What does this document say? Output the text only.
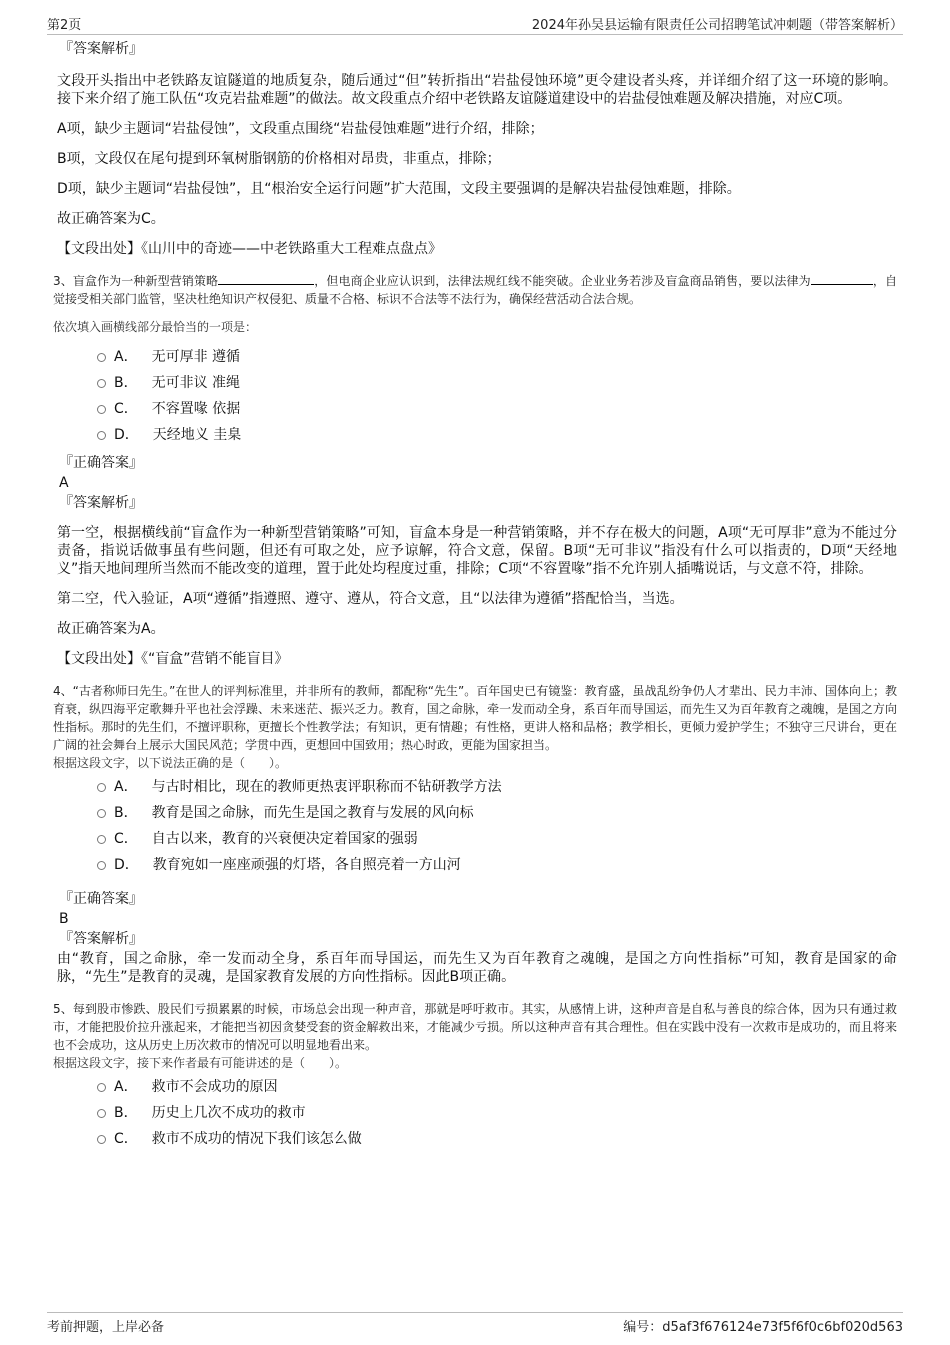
第2页	2024年孙吴县运输有限责任公司招聘笔试冲刺题（带答案解析）
『答案解析』

文段开头指出中老铁路友谊隧道的地质复杂，随后通过“但”转折指出“岩盐侵蚀环境”更令建设者头疼，并详细介绍了这一环境的影响。接下来介绍了施工队伍“攻克岩盐难题”的做法。故文段重点介绍中老铁路友谊隧道建设中的岩盐侵蚀难题及解决措施，对应C项。

A项，缺少主题词“岩盐侵蚀”，文段重点围绕“岩盐侵蚀难题”进行介绍，排除；

B项，文段仅在尾句提到环氧树脂钢筋的价格相对昂贵，非重点，排除；

D项，缺少主题词“岩盐侵蚀”，且“根治安全运行问题”扩大范围，文段主要强调的是解决岩盐侵蚀难题，排除。

故正确答案为C。

【文段出处】《山川中的奇迹——中老铁路重大工程难点盘点》

3、盲盒作为一种新型营销策略	，但电商企业应认识到，法律法规红线不能突破。企业业务若涉及盲盒商品销售，要以法律为	，自觉接受相关部门监管，坚决杜绝知识产权侵犯、质量不合格、标识不合法等不法行为，确保经营活动合法合规。

依次填入画横线部分最恰当的一项是：

A． 无可厚非 遵循
B． 无可非议 准绳
C． 不容置喙 依据
D． 天经地义 圭臬
『正确答案』
A
『答案解析』

第一空，根据横线前“盲盒作为一种新型营销策略”可知，盲盒本身是一种营销策略，并不存在极大的问题，A项“无可厚非”意为不能过分责备，指说话做事虽有些问题，但还有可取之处，应予谅解，符合文意，保留。B项“无可非议”指没有什么可以指责的，D项“天经地义”指天地间理所当然而不能改变的道理，置于此处均程度过重，排除；C项“不容置喙”指不允许别人插嘴说话，与文意不符，排除。

第二空，代入验证，A项“遵循”指遵照、遵守、遵从，符合文意，且“以法律为遵循”搭配恰当，当选。

故正确答案为A。

【文段出处】《“盲盒”营销不能盲目》

4、“古者称师曰先生。”在世人的评判标准里，并非所有的教师，都配称“先生”。百年国史已有镜鉴：教育盛，虽战乱纷争仍人才辈出、民力丰沛、国体向上；教育衰，纵四海平定歌舞升平也社会浮躁、未来迷茫、振兴乏力。教育，国之命脉，牵一发而动全身，系百年而导国运，而先生又为百年教育之魂魄，是国之方向性指标。那时的先生们，不擅评职称，更擅长个性教学法；有知识，更有情趣；有性格，更讲人格和品格；教学相长，更倾力爱护学生；不独守三尺讲台，更在广阔的社会舞台上展示大国民风范；学贯中西，更想回中国致用；热心时政，更能为国家担当。

根据这段文字，以下说法正确的是（　　）。

A． 与古时相比，现在的教师更热衷评职称而不钻研教学方法
B． 教育是国之命脉，而先生是国之教育与发展的风向标
C． 自古以来，教育的兴衰便决定着国家的强弱
D． 教育宛如一座座顽强的灯塔，各自照亮着一方山河
『正确答案』
B
『答案解析』

由“教育，国之命脉，牵一发而动全身，系百年而导国运，而先生又为百年教育之魂魄，是国之方向性指标”可知，教育是国家的命脉，“先生”是教育的灵魂，是国家教育发展的方向性指标。因此B项正确。

5、每到股市惨跌、股民们亏损累累的时候，市场总会出现一种声音，那就是呼吁救市。其实，从感情上讲，这种声音是自私与善良的综合体，因为只有通过救市，才能把股价拉升涨起来，才能把当初因贪婪受套的资金解救出来，才能减少亏损。所以这种声音有其合理性。但在实践中没有一次救市是成功的，而且将来也不会成功，这从历史上历次救市的情况可以明显地看出来。

根据这段文字，接下来作者最有可能讲述的是（　　）。

A． 救市不会成功的原因
B． 历史上几次不成功的救市
C． 救市不成功的情况下我们该怎么做
考前押题，上岸必备	编号：d5af3f676124e73f5f6f0c6bf020d563
